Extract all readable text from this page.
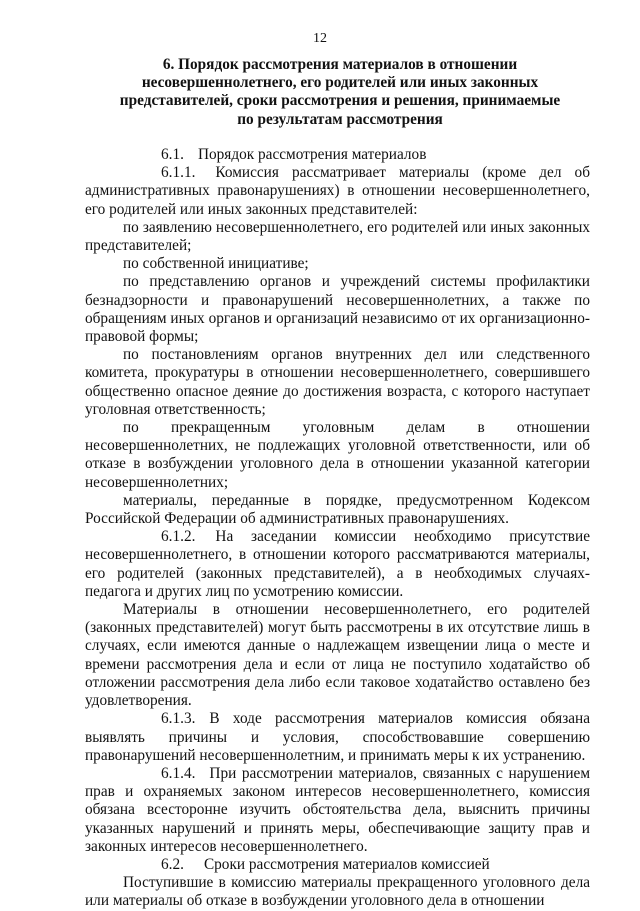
12
6. Порядок рассмотрения материалов в отношении
несовершеннолетнего, его родителей или иных законных
представителей, сроки рассмотрения и решения, принимаемые
по результатам рассмотрения

6.1. Порядок рассмотрения материалов

6.1.1. Комиссия рассматривает материалы (кроме дел об административных правонарушениях) в отношении несовершеннолетнего, его родителей или иных законных представителей:

по заявлению несовершеннолетнего, его родителей или иных законных представителей;

по собственной инициативе;

по представлению органов и учреждений системы профилактики безнадзорности и правонарушений несовершеннолетних, а также по обращениям иных органов и организаций независимо от их организационно-правовой формы;

по постановлениям органов внутренних дел или следственного комитета, прокуратуры в отношении несовершеннолетнего, совершившего общественно опасное деяние до достижения возраста, с которого наступает уголовная ответственность;

по прекращенным уголовным делам в отношении несовершеннолетних, не подлежащих уголовной ответственности, или об отказе в возбуждении уголовного дела в отношении указанной категории несовершеннолетних;

материалы, переданные в порядке, предусмотренном Кодексом Российской Федерации об административных правонарушениях.

6.1.2. На заседании комиссии необходимо присутствие несовершеннолетнего, в отношении которого рассматриваются материалы, его родителей (законных представителей), а в необходимых случаях- педагога и других лиц по усмотрению комиссии.

Материалы в отношении несовершеннолетнего, его родителей (законных представителей) могут быть рассмотрены в их отсутствие лишь в случаях, если имеются данные о надлежащем извещении лица о месте и времени рассмотрения дела и если от лица не поступило ходатайство об отложении рассмотрения дела либо если таковое ходатайство оставлено без удовлетворения.

6.1.3. В ходе рассмотрения материалов комиссия обязана выявлять причины и условия, способствовавшие совершению правонарушений несовершеннолетним, и принимать меры к их устранению.

6.1.4. При рассмотрении материалов, связанных с нарушением прав и охраняемых законом интересов несовершеннолетнего, комиссия обязана всесторонне изучить обстоятельства дела, выяснить причины указанных нарушений и принять меры, обеспечивающие защиту прав и законных интересов несовершеннолетнего.

6.2. Сроки рассмотрения материалов комиссией

Поступившие в комиссию материалы прекращенного уголовного дела или материалы об отказе в возбуждении уголовного дела в отношении
